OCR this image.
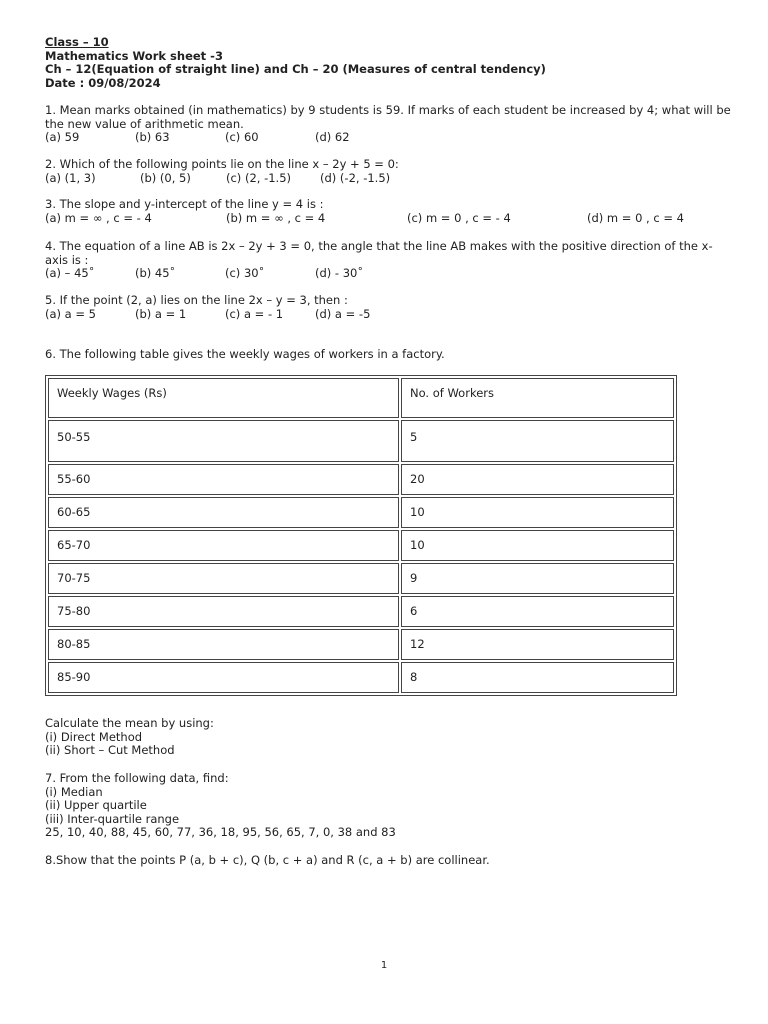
Class – 10
Mathematics Work sheet -3
Ch – 12(Equation of straight line) and Ch – 20 (Measures of central tendency)
Date : 09/08/2024
1. Mean marks obtained (in mathematics) by 9 students is 59. If marks of each student be increased by 4; what will be the new value of arithmetic mean.
(a) 59	(b) 63	(c) 60	(d) 62
2. Which of the following points lie on the line x – 2y + 5 = 0:
(a) (1, 3)	(b) (0, 5)	(c) (2, -1.5)	(d) (-2, -1.5)
3. The slope and y-intercept of the line y = 4 is :
(a) m = ∞ , c = - 4	(b) m = ∞ , c = 4	(c) m = 0 , c = - 4	(d) m = 0 , c = 4
4. The equation of a line AB is 2x – 2y + 3 = 0, the angle that the line AB makes with the positive direction of the x-axis is :
(a) – 45˚	(b) 45˚	(c) 30˚	(d) - 30˚
5. If the point (2, a) lies on the line 2x – y = 3, then :
(a) a = 5	(b) a = 1	(c) a = - 1	(d) a = -5
6. The following table gives the weekly wages of workers in a factory.
Calculate the mean by using:
(i) Direct Method
(ii) Short – Cut Method
7. From the following data, find:
(i) Median
(ii) Upper quartile
(iii) Inter-quartile range
25, 10, 40, 88, 45, 60, 77, 36, 18, 95, 56, 65, 7, 0, 38 and 83
8.Show that the points P (a, b + c), Q (b, c + a) and R (c, a + b) are collinear.
Weekly Wages (Rs)	No. of Workers
50-55	5
55-60	20
60-65	10
65-70	10
70-75	9
75-80	6
80-85	12
85-90	8
1
